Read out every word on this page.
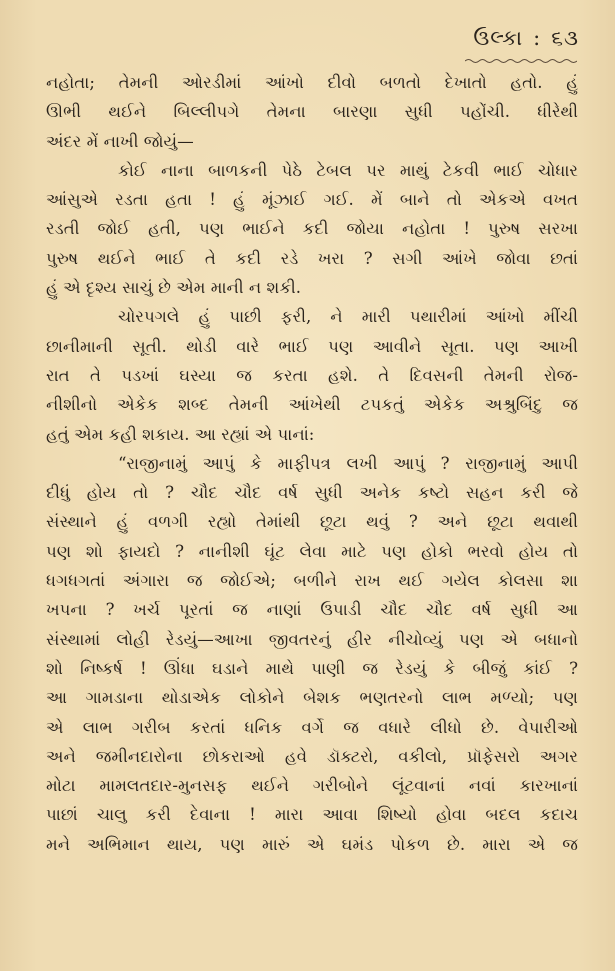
ઉલ્કા : ૬૩
નહોતા; તેમની ઓરડીમાં આંખો દીવો બળતો દેખાતો હતો. હું
ઊભી થઈને બિલ્લીપગે તેમના બારણા સુધી પહોંચી. ધીરેથી
અંદર મેં નાખી જોયું—
કોઈ નાના બાળકની પેઠે ટેબલ પર માથું ટેકવી ભાઈ ચોધાર
આંસુએ રડતા હતા ! હું મૂંઝાઈ ગઈ. મેં બાને તો એકએ વખત
રડતી જોઈ હતી, પણ ભાઈને કદી જોયા નહોતા ! પુરુષ સરખા
પુરુષ થઈને ભાઈ તે કદી રડે ખરા ? સગી આંખે જોવા છતાં
હું એ દૃશ્ય સાચું છે એમ માની ન શકી.
ચોરપગલે હું પાછી ફરી, ને મારી પથારીમાં આંખો મીંચી
છાનીમાની સૂતી. થોડી વારે ભાઈ પણ આવીને સૂતા. પણ આખી
રાત તે પડખાં ઘસ્યા જ કરતા હશે. તે દિવસની તેમની રોજ-
નીશીનો એકેક શબ્દ તેમની આંખેથી ટપકતું એકેક અશ્રુબિંદુ જ
હતું એમ કહી શકાય. આ રહ્યાં એ પાનાં:
“રાજીનામું આપું કે માફીપત્ર લખી આપું ? રાજીનામું આપી
દીધું હોય તો ? ચૌદ ચૌદ વર્ષ સુધી અનેક કષ્ટો સહન કરી જે
સંસ્થાને હું વળગી રહ્યો તેમાંથી છૂટા થવું ? અને છૂટા થવાથી
પણ શો ફાયદો ? નાનીશી ઘૂંટ લેવા માટે પણ હોકો ભરવો હોય તો
ધગધગતાં અંગારા જ જોઈએ; બળીને રાખ થઈ ગયેલ કોલસા શા
ખપના ? ખર્ચ પૂરતાં જ નાણાં ઉપાડી ચૌદ ચૌદ વર્ષ સુધી આ
સંસ્થામાં લોહી રેડયું—આખા જીવતરનું હીર નીચોવ્યું પણ એ બધાનો
શો નિષ્કર્ષ ! ઊંધા ઘડાને માથે પાણી જ રેડયું કે બીજું કાંઈ ?
આ ગામડાના થોડાએક લોકોને બેશક ભણતરનો લાભ મળ્યો; પણ
એ લાભ ગરીબ કરતાં ધનિક વર્ગે જ વધારે લીધો છે. વેપારીઓ
અને જમીનદારોના છોકરાઓ હવે ડૉક્ટરો, વકીલો, પ્રૉફેસરો અગર
મોટા મામલતદાર-મુનસફ થઈને ગરીબોને લૂંટવાનાં નવાં કારખાનાં
પાછાં ચાલુ કરી દેવાના ! મારા આવા શિષ્યો હોવા બદલ કદાચ
મને અભિમાન થાય, પણ મારું એ ઘમંડ પોકળ છે. મારા એ જ
